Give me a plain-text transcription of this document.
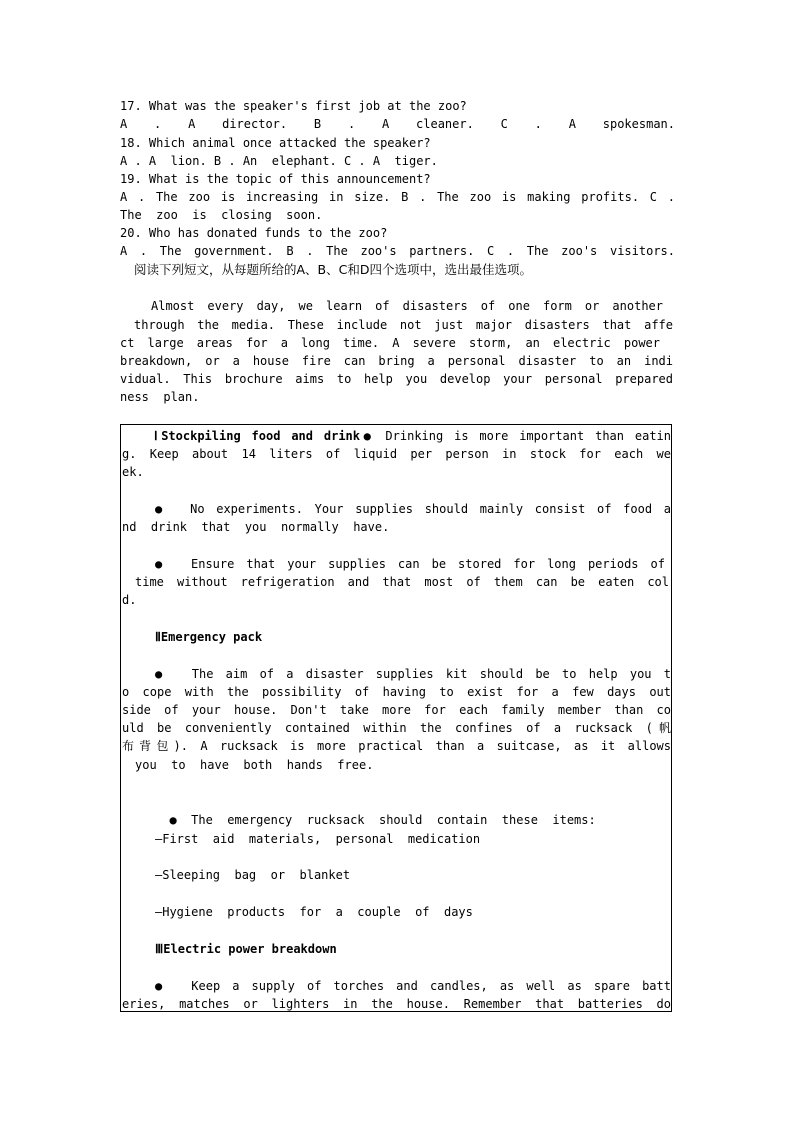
17. What was the speaker's first job at the zoo?
A . A director. B . A cleaner. C . A spokesman.
18. Which animal once attacked the speaker?
A . A  lion. B . An  elephant. C . A  tiger.
19. What is the topic of this announcement?
A . The zoo is increasing in size. B . The zoo is making profits. C .
The  zoo  is  closing  soon.
20. Who has donated funds to the zoo?
A . The government. B . The zoo's partners. C . The zoo's visitors.
阅读下列短文，从每题所给的A、B、C和D四个选项中，选出最佳选项。
Almost every day, we learn of disasters of one form or another
through the media. These include not just major disasters that affe
ct large areas for a long time. A severe storm, an electric power
breakdown, or a house fire can bring a personal disaster to an indi
vidual. This brochure aims to help you develop your personal prepared
ness  plan.
ⅠStockpiling food and drink● Drinking is more important than eatin
g. Keep about 14 liters of liquid per person in stock for each we
ek.
● No experiments. Your supplies should mainly consist of food a
nd  drink  that  you  normally  have.
● Ensure that your supplies can be stored for long periods of
time without refrigeration and that most of them can be eaten col
d.
ⅡEmergency pack
● The aim of a disaster supplies kit should be to help you t
o cope with the possibility of having to exist for a few days out
side of your house. Don't take more for each family member than co
uld be conveniently contained within the confines of a rucksack (帆
布背包). A rucksack is more practical than a suitcase, as it allows
you  to  have  both  hands  free.

● The  emergency  rucksack  should  contain  these  items:

—First  aid  materials,  personal  medication
—Sleeping  bag  or  blanket
—Hygiene  products  for  a  couple  of  days
ⅢElectric power breakdown
● Keep a supply of torches and candles, as well as spare batt
eries, matches or lighters in the house. Remember that batteries do
